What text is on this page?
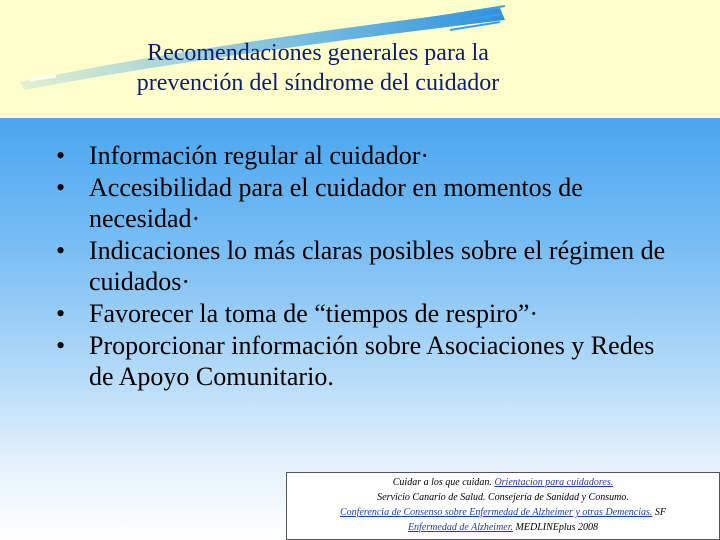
Recomendaciones generales para la
prevención del síndrome del cuidador
• Información regular al cuidador·
• Accesibilidad para el cuidador en momentos de necesidad·
• Indicaciones lo más claras posibles sobre el régimen de cuidados·
• Favorecer la toma de “tiempos de respiro”·
• Proporcionar información sobre Asociaciones y Redes de Apoyo Comunitario.
Cuidar a los que cuidan. Orientacion para cuidadores.
Servicio Canario de Salud. Consejería de Sanidad y Consumo.
Conferencia de Consenso sobre Enfermedad de Alzheimer y otras Demencias. SF
Enfermedad de Alzheimer. MEDLINEplus 2008
